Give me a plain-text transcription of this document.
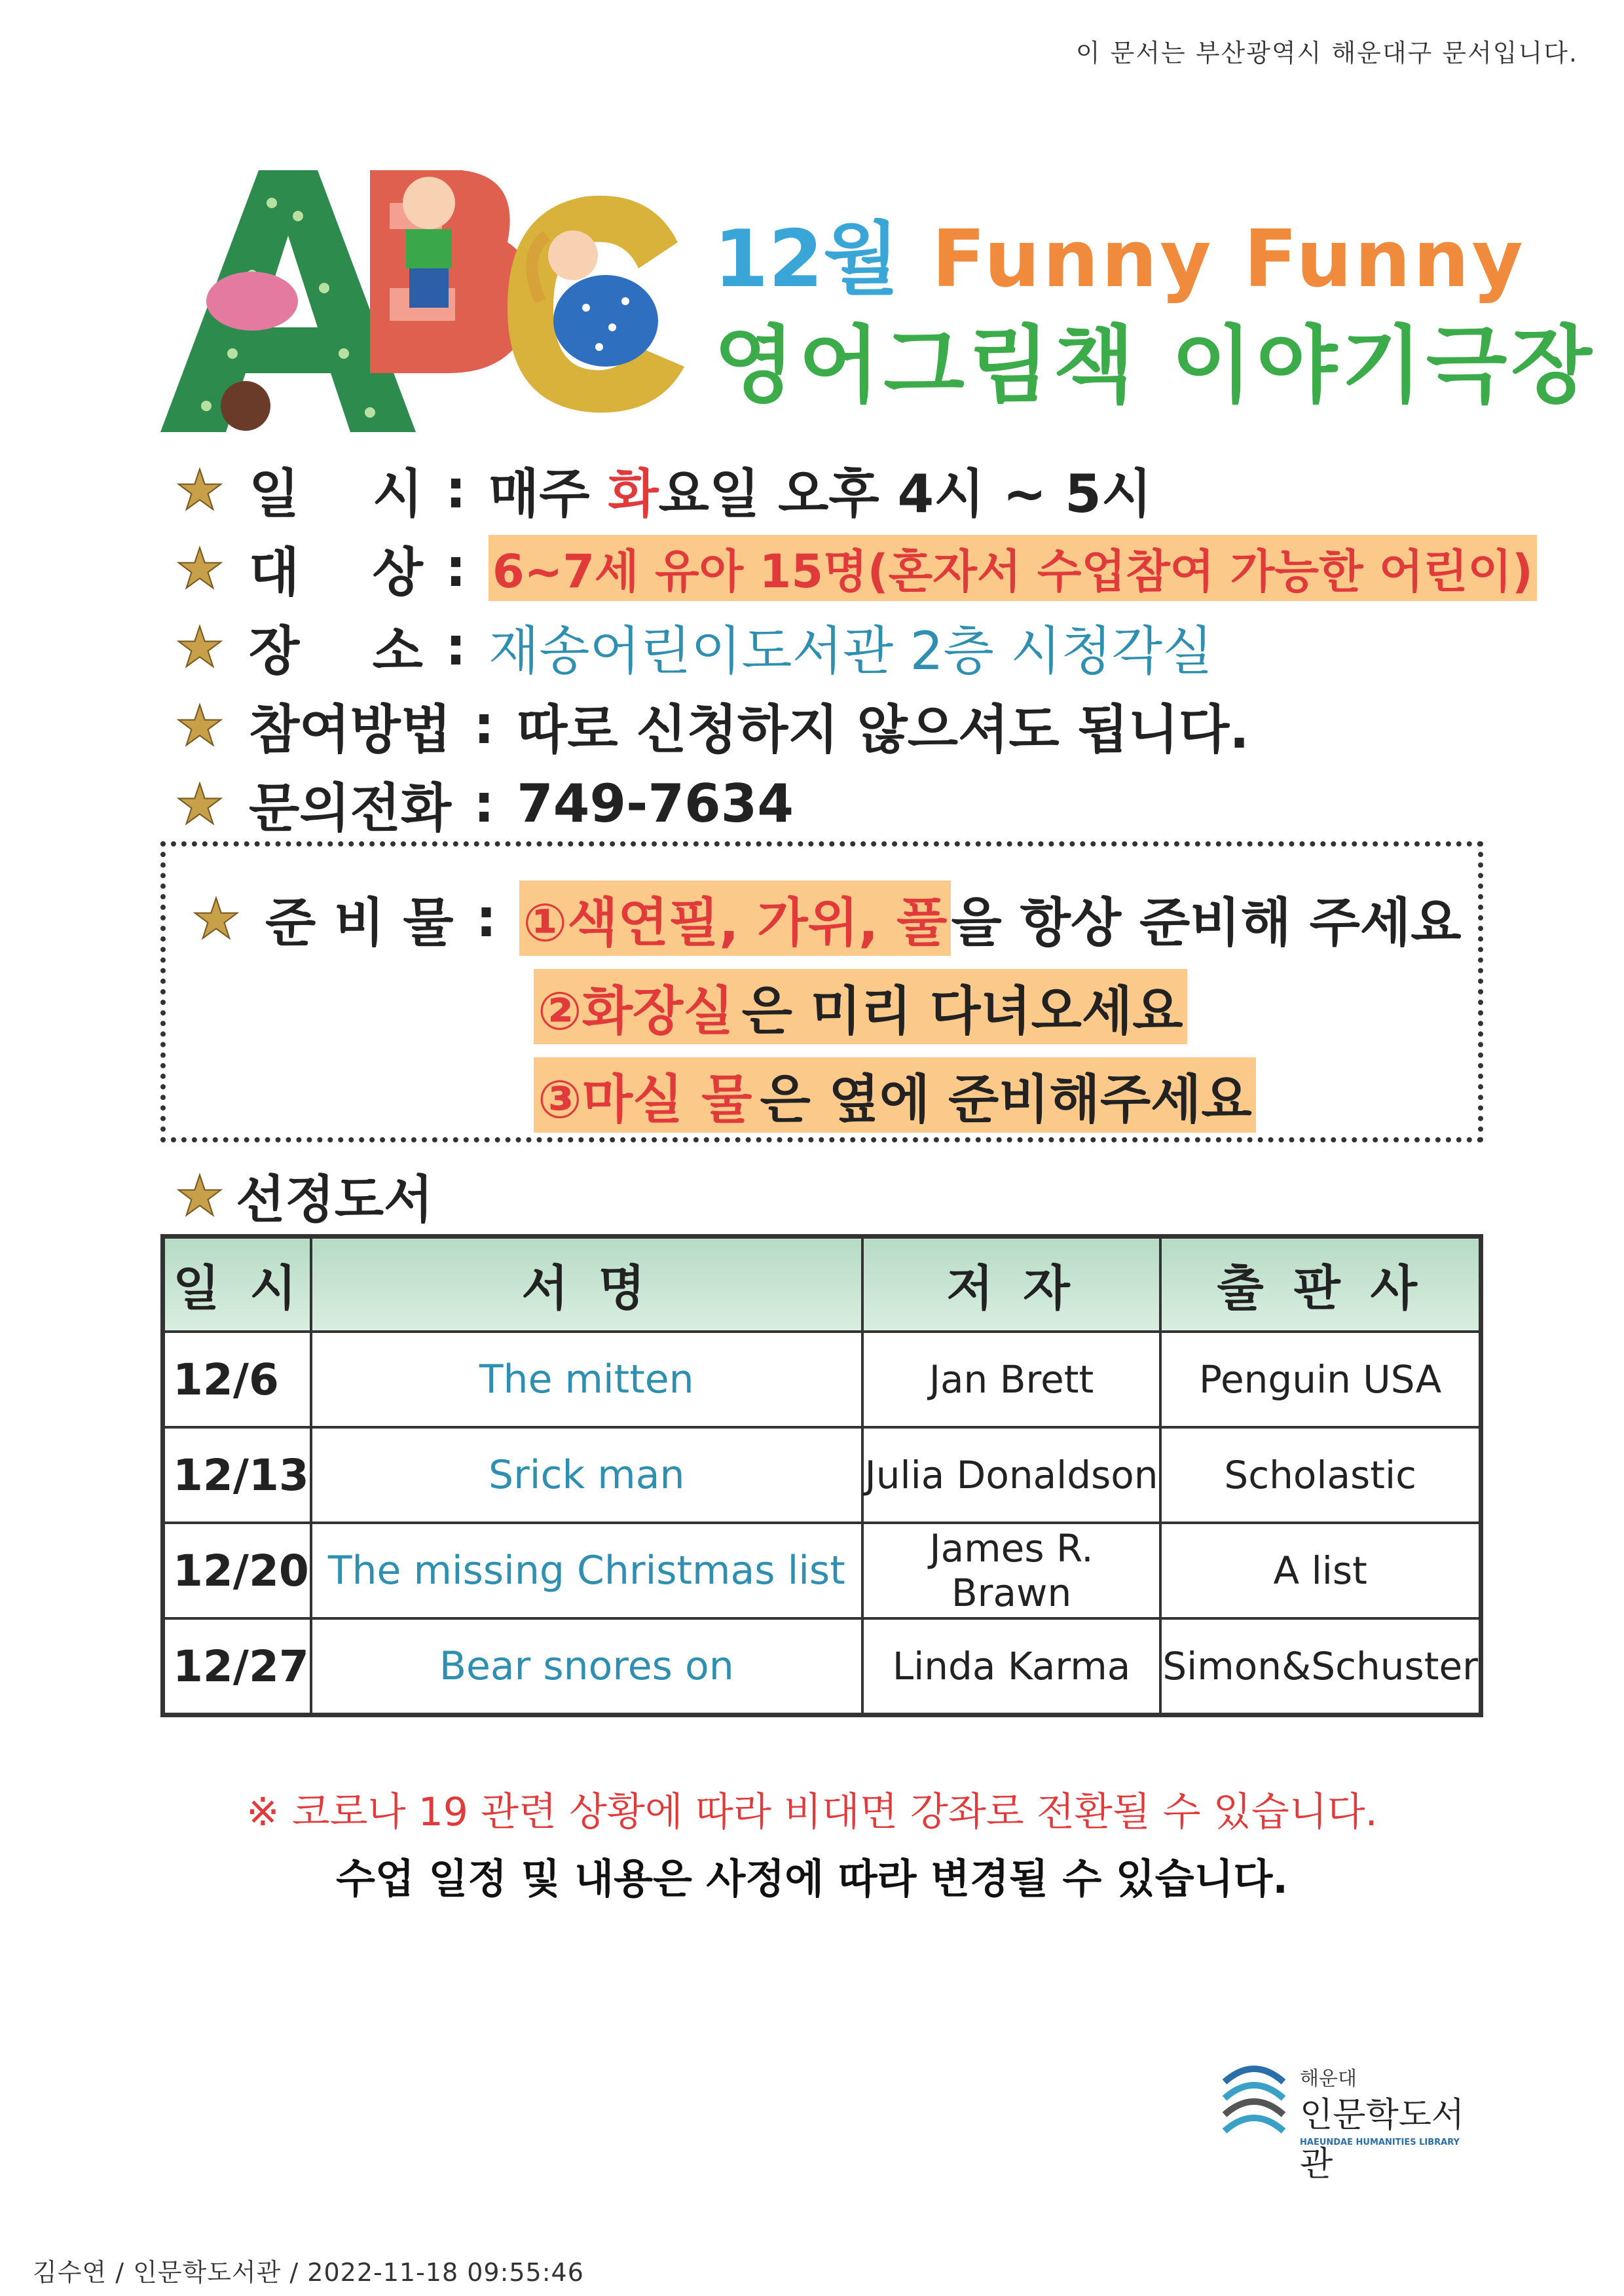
이 문서는 부산광역시 해운대구 문서입니다.
12월 Funny Funny
영어그림책 이야기극장
일    시 : 매주 화 요일 오후 4시 ~ 5시
대    상 : 6~7세 유아 15명(혼자서 수업참여 가능한 어린이)
장    소 : 재송어린이도서관 2층 시청각실
참여방법 : 따로 신청하지 않으셔도 됩니다.
문의전화 : 749-7634
준 비 물 : ①색연필, 가위, 풀 을 항상 준비해 주세요
②화장실 은 미리 다녀오세요
③마실 물 은 옆에 준비해주세요
선정도서
일 시	서 명	저 자	출 판 사
12/6	The mitten	Jan Brett	Penguin USA
12/13	Srick man	Julia Donaldson	Scholastic
12/20	The missing Christmas list	James R. Brawn	A list
12/27	Bear snores on	Linda Karma	Simon&Schuster
※ 코로나 19 관련 상황에 따라 비대면 강좌로 전환될 수 있습니다.
수업 일정 및 내용은 사정에 따라 변경될 수 있습니다.
해운대
인문학도서관
HAEUNDAE HUMANITIES LIBRARY
김수연 / 인문학도서관 / 2022-11-18 09:55:46
